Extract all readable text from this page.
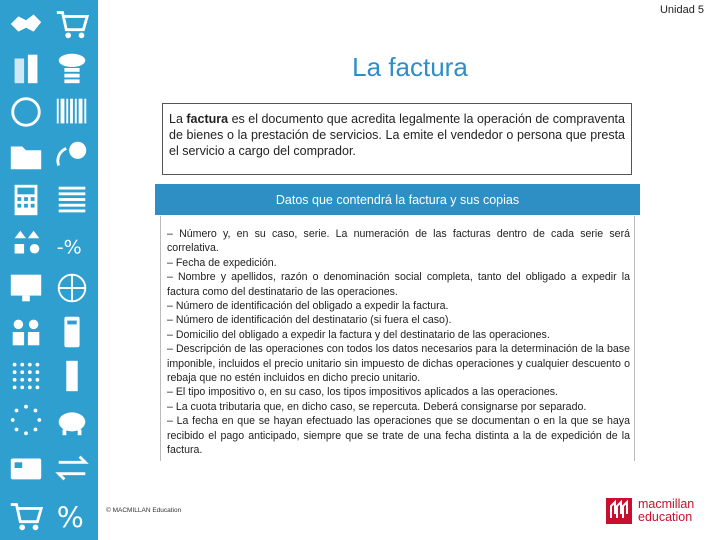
-%
%
Unidad 5
La factura
La factura es el documento que acredita legalmente la operación de compraventa de bienes o la prestación de servicios. La emite el vendedor o persona que presta el servicio a cargo del comprador.
Datos que contendrá la factura y sus copias

– Número y, en su caso, serie. La numeración de las facturas dentro de cada serie será correlativa.

– Fecha de expedición.

– Nombre y apellidos, razón o denominación social completa, tanto del obligado a expedir la factura como del destinatario de las operaciones.

– Número de identificación del obligado a expedir la factura.

– Número de identificación del destinatario (si fuera el caso).

– Domicilio del obligado a expedir la factura y del destinatario de las operaciones.

– Descripción de las operaciones con todos los datos necesarios para la determinación de la base imponible, incluidos el precio unitario sin impuesto de dichas operaciones y cualquier descuento o rebaja que no estén incluidos en dicho precio unitario.

– El tipo impositivo o, en su caso, los tipos impositivos aplicados a las operaciones.

– La cuota tributaria que, en dicho caso, se repercuta. Deberá consignarse por separado.

– La fecha en que se hayan efectuado las operaciones que se documentan o en la que se haya recibido el pago anticipado, siempre que se trate de una fecha distinta a la de expedición de la factura.

© MACMILLAN Education	macmillan
education
